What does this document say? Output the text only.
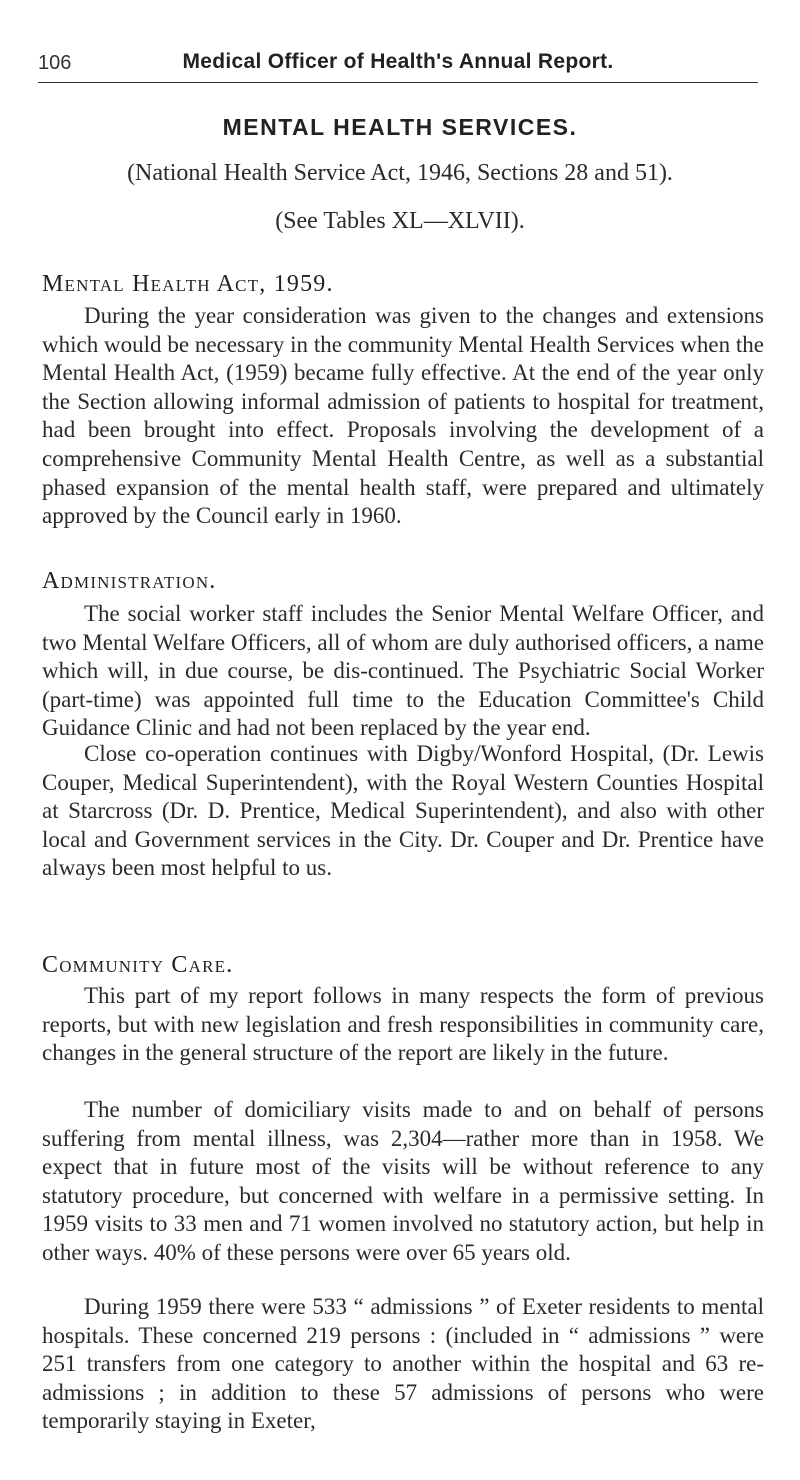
106	Medical Officer of Health's Annual Report.
MENTAL HEALTH SERVICES.
(National Health Service Act, 1946, Sections 28 and 51).
(See Tables XL—XLVII).
Mental Health Act, 1959.

During the year consideration was given to the changes and extensions which would be necessary in the community Mental Health Services when the Mental Health Act, (1959) became fully effective. At the end of the year only the Section allowing informal admission of patients to hospital for treatment, had been brought into effect. Proposals involving the development of a comprehensive Community Mental Health Centre, as well as a substantial phased expansion of the mental health staff, were prepared and ultimately approved by the Council early in 1960.

Administration.

The social worker staff includes the Senior Mental Welfare Officer, and two Mental Welfare Officers, all of whom are duly authorised officers, a name which will, in due course, be dis-continued. The Psychiatric Social Worker (part-time) was appointed full time to the Education Committee's Child Guidance Clinic and had not been replaced by the year end.

Close co-operation continues with Digby/Wonford Hospital, (Dr. Lewis Couper, Medical Superintendent), with the Royal Western Counties Hospital at Starcross (Dr. D. Prentice, Medical Superintendent), and also with other local and Government services in the City. Dr. Couper and Dr. Prentice have always been most helpful to us.

Community Care.

This part of my report follows in many respects the form of previous reports, but with new legislation and fresh responsibilities in community care, changes in the general structure of the report are likely in the future.

The number of domiciliary visits made to and on behalf of persons suffering from mental illness, was 2,304—rather more than in 1958. We expect that in future most of the visits will be without reference to any statutory procedure, but concerned with welfare in a permissive setting. In 1959 visits to 33 men and 71 women involved no statutory action, but help in other ways. 40% of these persons were over 65 years old.

During 1959 there were 533 “ admissions ” of Exeter residents to mental hospitals. These concerned 219 persons : (included in “ admissions ” were 251 transfers from one category to another within the hospital and 63 re-admissions ; in addition to these 57 admissions of persons who were temporarily staying in Exeter,
